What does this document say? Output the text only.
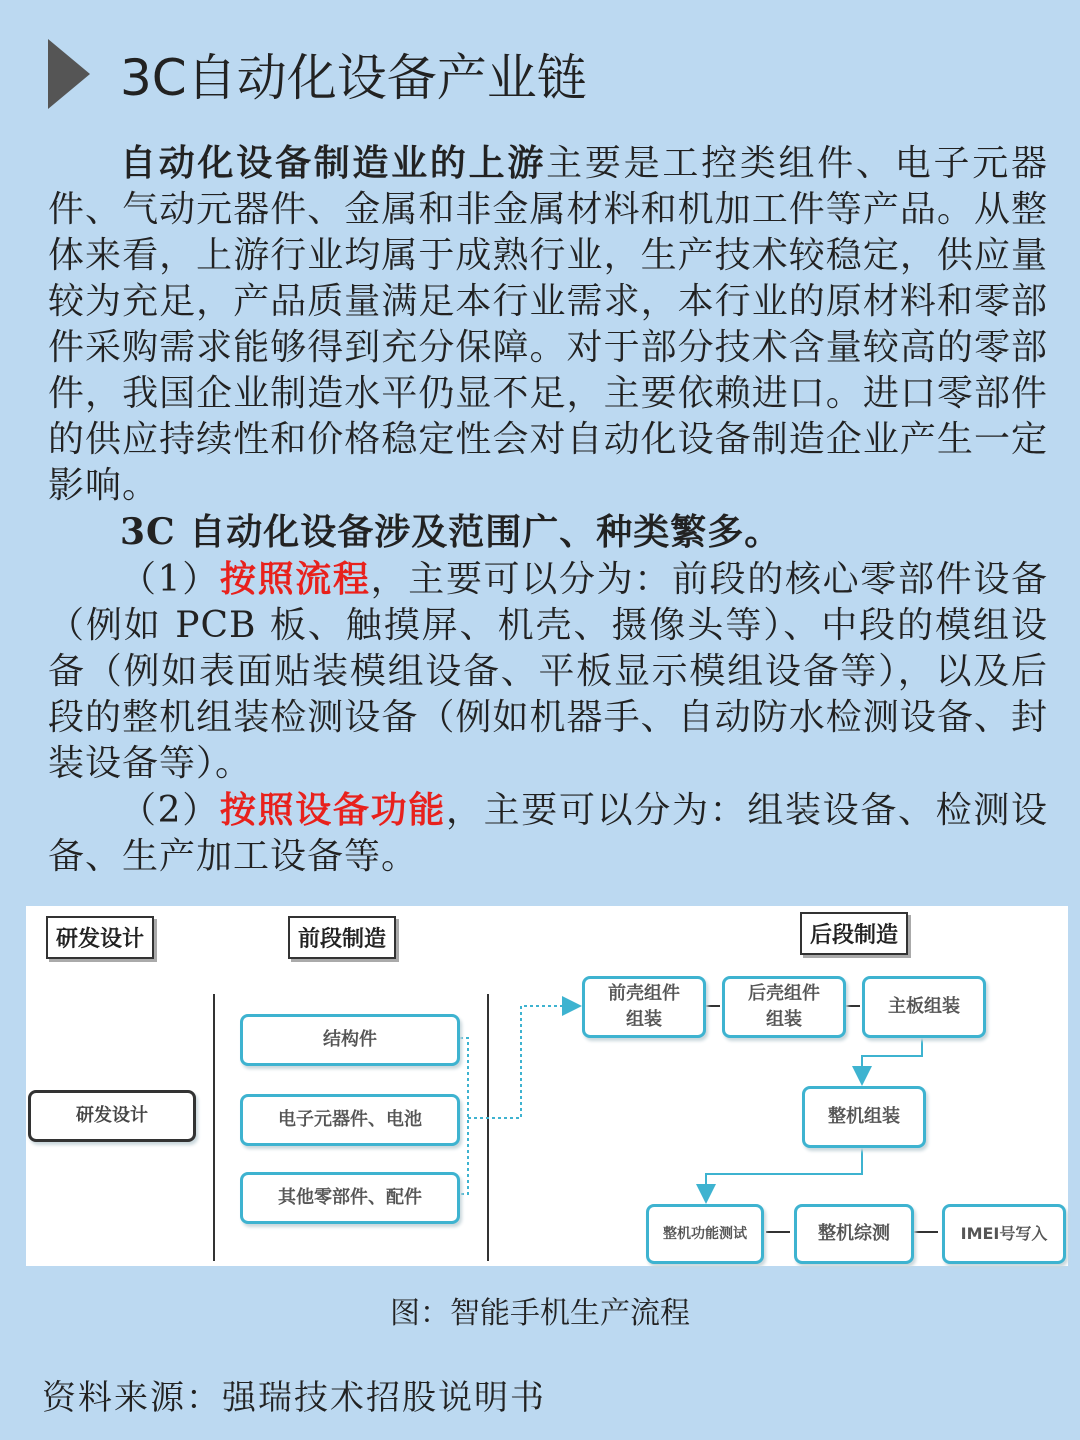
3C自动化设备产业链

自动化设备制造业的上游主要是工控类组件、电子元器件、气动元器件、金属和非金属材料和机加工件等产品。从整体来看，上游行业均属于成熟行业，生产技术较稳定，供应量较为充足，产品质量满足本行业需求，本行业的原材料和零部件采购需求能够得到充分保障。对于部分技术含量较高的零部件，我国企业制造水平仍显不足，主要依赖进口。进口零部件的供应持续性和价格稳定性会对自动化设备制造企业产生一定影响。

3C 自动化设备涉及范围广、种类繁多。

（1）按照流程，主要可以分为：前段的核心零部件设备（例如 PCB 板、触摸屏、机壳、摄像头等）、中段的模组设备（例如表面贴装模组设备、平板显示模组设备等），以及后段的整机组装检测设备（例如机器手、自动防水检测设备、封装设备等）。

（2）按照设备功能，主要可以分为：组装设备、检测设备、生产加工设备等。

研发设计	前段制造	后段制造
研发设计
结构件
电子元器件、电池
其他零部件、配件
前壳组件
组装
后壳组件
组装
主板组装
整机组装
整机功能测试	整机综测	IMEI号写入
图：智能手机生产流程
资料来源：强瑞技术招股说明书
